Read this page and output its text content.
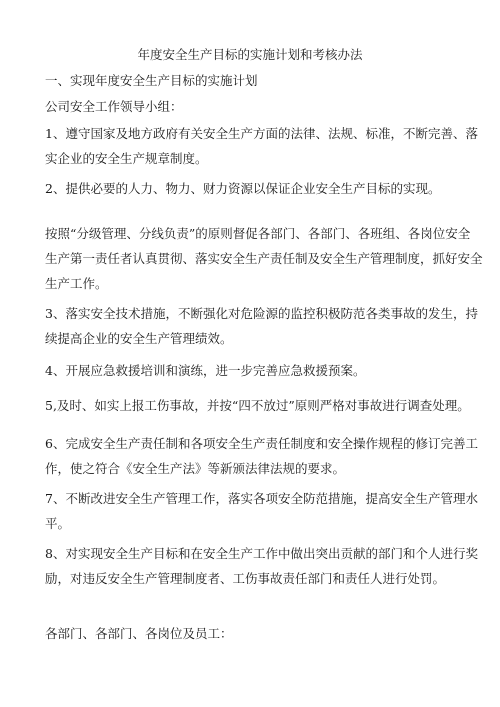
年度安全生产目标的实施计划和考核办法
一、实现年度安全生产目标的实施计划
公司安全工作领导小组：
1、遵守国家及地方政府有关安全生产方面的法律、法规、标准，不断完善、落
实企业的安全生产规章制度。
2、提供必要的人力、物力、财力资源以保证企业安全生产目标的实现。
按照“分级管理、分线负责”的原则督促各部门、各部门、各班组、各岗位安全
生产第一责任者认真贯彻、落实安全生产责任制及安全生产管理制度，抓好安全
生产工作。
3、落实安全技术措施，不断强化对危险源的监控积极防范各类事故的发生，持
续提高企业的安全生产管理绩效。
4、开展应急救援培训和演练，进一步完善应急救援预案。
5,及时、如实上报工伤事故，并按“四不放过”原则严格对事故进行调查处理。
6、完成安全生产责任制和各项安全生产责任制度和安全操作规程的修订完善工
作，使之符合《安全生产法》等新颁法律法规的要求。
7、不断改进安全生产管理工作，落实各项安全防范措施，提高安全生产管理水
平。
8、对实现安全生产目标和在安全生产工作中做出突出贡献的部门和个人进行奖
励，对违反安全生产管理制度者、工伤事故责任部门和责任人进行处罚。
各部门、各部门、各岗位及员工：
